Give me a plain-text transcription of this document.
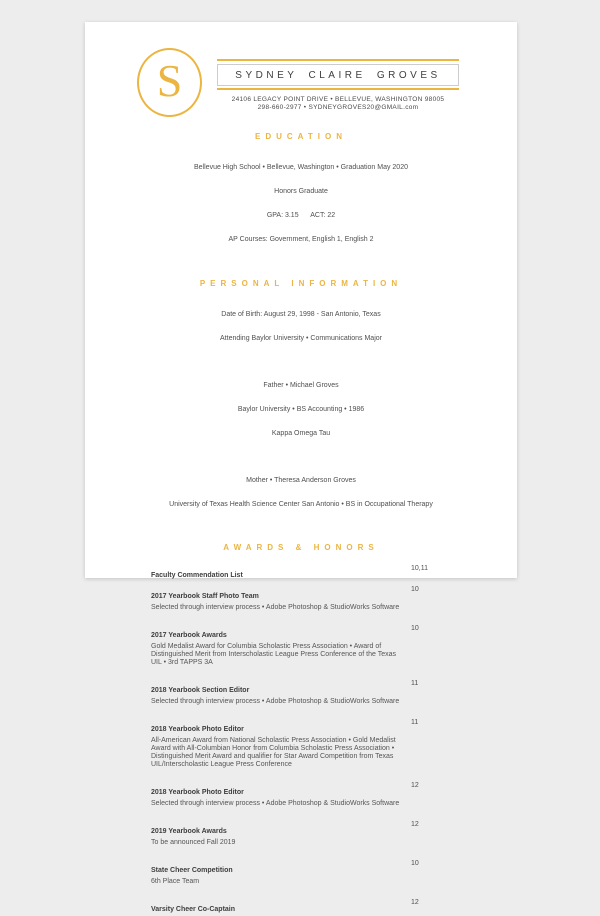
S	SYDNEY CLAIRE GROVES
24106 LEGACY POINT DRIVE • BELLEVUE, WASHINGTON 98005
298-660-2977 • SYDNEYGROVES20@GMAIL.com
EDUCATION

Bellevue High School • Bellevue, Washington • Graduation May 2020

Honors Graduate

GPA: 3.15      ACT: 22

AP Courses: Government, English 1, English 2

PERSONAL INFORMATION

Date of Birth: August 29, 1998 - San Antonio, Texas

Attending Baylor University • Communications Major

Father • Michael Groves

Baylor University • BS Accounting • 1986

Kappa Omega Tau

Mother • Theresa Anderson Groves

University of Texas Health Science Center San Antonio • BS in Occupational Therapy

AWARDS & HONORS
Faculty Commendation List
10,11
2017 Yearbook Staff Photo Team
10
Selected through interview process • Adobe Photoshop & StudioWorks Software
2017 Yearbook Awards
10
Gold Medalist Award for Columbia Scholastic Press Association • Award of Distinguished Merit from Interscholastic League Press Conference of the Texas UIL • 3rd TAPPS 3A
2018 Yearbook Section Editor
11
Selected through interview process • Adobe Photoshop & StudioWorks Software
2018 Yearbook Photo Editor
11
All-American Award from National Scholastic Press Association • Gold Medalist Award with All-Columbian Honor from Columbia Scholastic Press Association • Distinguished Merit Award and qualifier for Star Award Competition from Texas UIL/Interscholastic League Press Conference
2018 Yearbook Photo Editor
12
Selected through interview process • Adobe Photoshop & StudioWorks Software
2019 Yearbook Awards
12
To be announced Fall 2019
State Cheer Competition
10
6th Place Team
Varsity Cheer Co-Captain
12
